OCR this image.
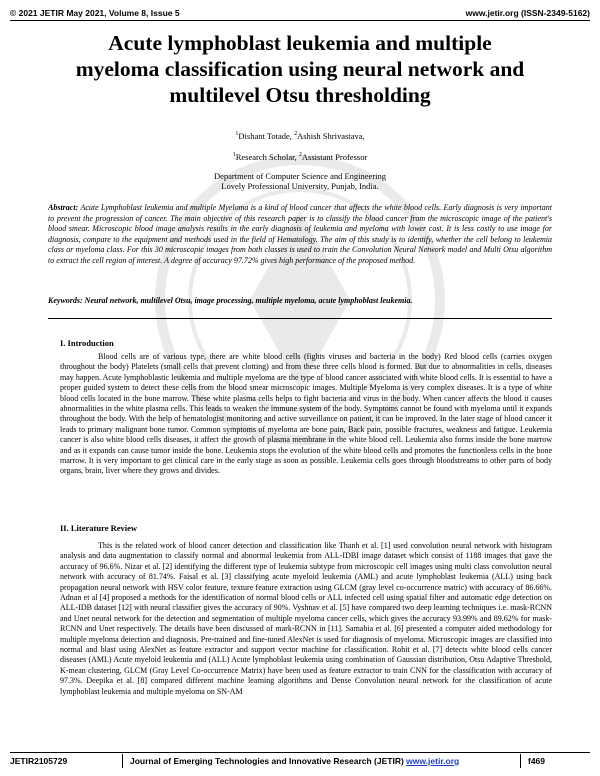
© 2021 JETIR May 2021, Volume 8, Issue 5	www.jetir.org (ISSN-2349-5162)
Acute lymphoblast leukemia and multiple
myeloma classification using neural network and
multilevel Otsu thresholding
$^1$Dishant Totade, $^2$Ashish Shrivastava,
$^1$Research Scholar, $^2$Assistant Professor
Department of Computer Science and Engineering
Lovely Professional University, Punjab, India.
Abstract: Acute Lymphoblast leukemia and multiple Myeloma is a kind of blood cancer that affects the white blood cells. Early diagnosis is very important to prevent the progression of cancer. The main objective of this research paper is to classify the blood cancer from the microscopic image of the patient's blood smear. Microscopic blood image analysis results in the early diagnosis of leukemia and myeloma with lower cost. It is less costly to use image for diagnosis, compare to the equipment and methods used in the field of Hematology. The aim of this study is to identify, whether the cell belong to leukemia class or myeloma class. For this 30 microscopic images from both classes is used to train the Convolution Neural Network model and Multi Otsu algorithm to extract the cell region of interest. A degree of accuracy 97.72% gives high performance of the proposed method.
Keywords: Neural network, multilevel Otsu, image processing, multiple myeloma, acute lymphoblast leukemia.
I. Introduction

Blood cells are of various type, there are white blood cells (fights viruses and bacteria in the body) Red blood cells (carries oxygen throughout the body) Platelets (small cells that prevent clotting) and from these three cells blood is formed. But due to abnormalities in cells, diseases may happen. Acute lymphoblastic leukemia and multiple myeloma are the type of blood cancer associated with white blood cells. It is essential to have a proper guided system to detect these cells from the blood smear microscopic images. Multiple Myeloma is very complex diseases. It is a type of white blood cells located in the bone marrow. These white plasma cells helps to fight bacteria and virus in the body. When cancer affects the blood it causes abnormalities in the white plasma cells. This leads to weaken the immune system of the body. Symptoms cannot be found with myeloma until it expands throughout the body. With the help of hematologist monitoring and active surveillance on patient, it can be improved. In the later stage of blood cancer it leads to primary malignant bone tumor. Common symptoms of myeloma are bone pain, Back pain, possible fractures, weakness and fatigue. Leukemia cancer is also white blood cells diseases, it affect the growth of plasma membrane in the white blood cell. Leukemia also forms inside the bone marrow and as it expands can cause tumor inside the bone. Leukemia stops the evolution of the white blood cells and promotes the functionless cells in the bone marrow. It is very important to get clinical care in the early stage as soon as possible. Leukemia cells goes through bloodstreams to other parts of body organs, brain, liver where they grows and divides.

II. Literature Review

This is the related work of blood cancer detection and classification like Thanh et al. [1] used convolution neural network with histogram analysis and data augmentation to classify normal and abnormal leukemia from ALL-IDBI image dataset which consist of 1188 images that gave the accuracy of 96.6%. Nizar et al. [2] identifying the different type of leukemia subtype from microscopic cell images using multi class convolution neural network with accuracy of 81.74%. Faisal et al. [3] classifying acute myeloid leukemia (AML) and acute lymphoblast leukemia (ALL) using back propagation neural network with HSV color feature, texture feature extraction using GLCM (gray level co-occurrence matric) with accuracy of 86.66%. Adnan et al [4] proposed a methods for the identification of normal blood cells or ALL infected cell using spatial filter and automatic edge detection on ALL-IDB dataset [12] with neural classifier gives the accuracy of 90%. Vyshnav et al. [5] have compared two deep learning techniques i.e. mask-RCNN and Unet neural network for the detection and segmentation of multiple myeloma cancer cells, which gives the accuracy 93.99% and 89.62% for mask-RCNN and Unet respectively. The details have been discussed of mark-RCNN in [11]. Samabia et al. [6] presented a computer aided methodology for multiple myeloma detection and diagnosis. Pre-trained and fine-tuned AlexNet is used for diagnosis of myeloma. Microscopic images are classified into normal and blast using AlexNet as feature extractor and support vector machine for classification. Rohit et al. [7] detects white blood cells cancer diseases (AML) Acute myeloid leukemia and (ALL) Acute lymphoblast leukemia using combination of Gaussian distribution, Otsu Adaptive Threshold, K-mean clustering, GLCM (Gray Level Co-occurrence Matrix) have been used as feature extractor to train CNN for the classification with accuracy of 97.3%. Deepika et al. [8] compared different machine learning algorithms and Dense Convolution neural network for the classification of acute lymphoblast leukemia and multiple myeloma on SN-AM

JETIR2105729	Journal of Emerging Technologies and Innovative Research (JETIR) www.jetir.org	f469
